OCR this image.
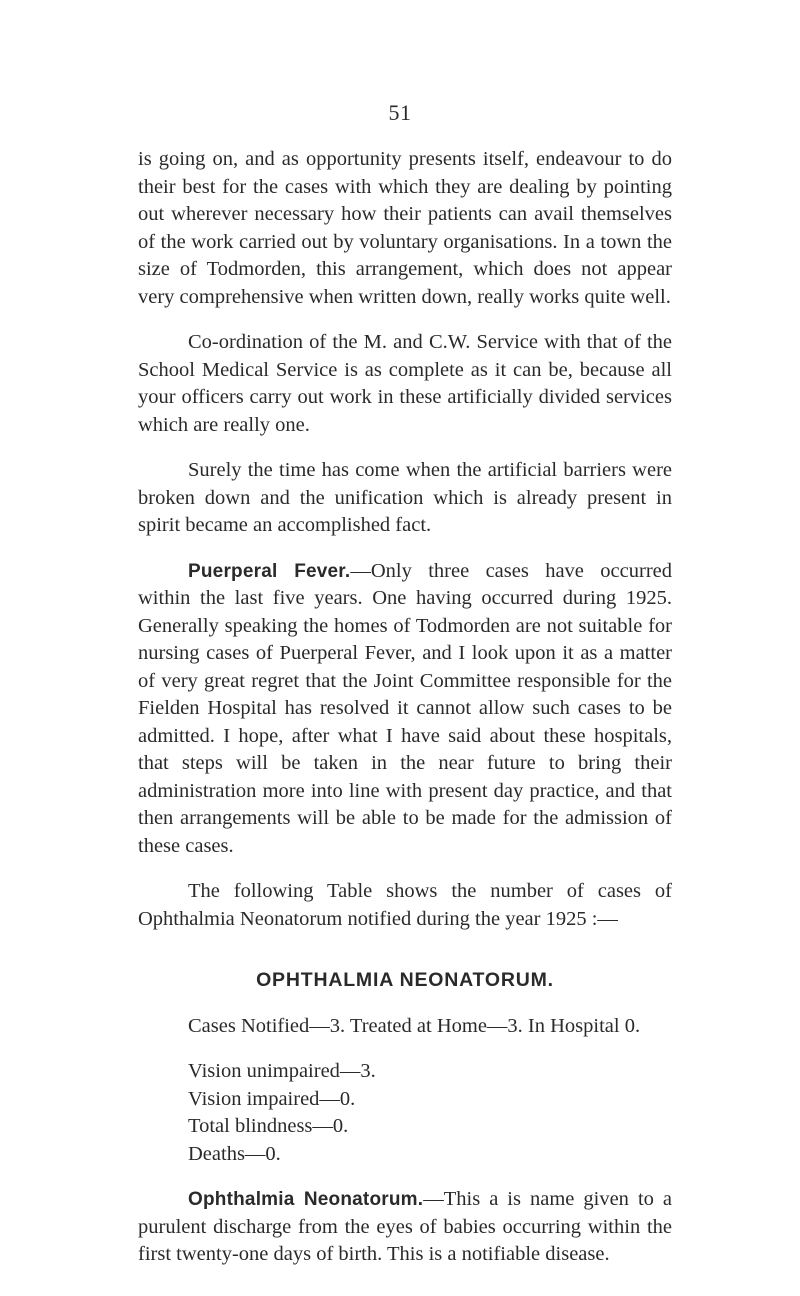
51

is going on, and as opportunity presents itself, endeavour to do their best for the cases with which they are dealing by pointing out wherever necessary how their patients can avail themselves of the work carried out by voluntary organisations. In a town the size of Todmorden, this arrangement, which does not appear very comprehensive when written down, really works quite well.

Co-ordination of the M. and C.W. Service with that of the School Medical Service is as complete as it can be, because all your officers carry out work in these artificially divided services which are really one.

Surely the time has come when the artificial barriers were broken down and the unification which is already present in spirit became an accomplished fact.

Puerperal Fever.—Only three cases have occurred within the last five years. One having occurred during 1925. Generally speaking the homes of Todmorden are not suitable for nursing cases of Puerperal Fever, and I look upon it as a matter of very great regret that the Joint Committee responsible for the Fielden Hospital has resolved it cannot allow such cases to be admitted. I hope, after what I have said about these hospitals, that steps will be taken in the near future to bring their administration more into line with present day practice, and that then arrangements will be able to be made for the admission of these cases.

The following Table shows the number of cases of Ophthalmia Neonatorum notified during the year 1925 :—

OPHTHALMIA NEONATORUM.

Cases Notified—3. Treated at Home—3. In Hospital 0.

Vision unimpaired—3.
Vision impaired—0.
Total blindness—0.
Deaths—0.

Ophthalmia Neonatorum.—This a is name given to a purulent discharge from the eyes of babies occurring within the first twenty-one days of birth. This is a notifiable disease.
